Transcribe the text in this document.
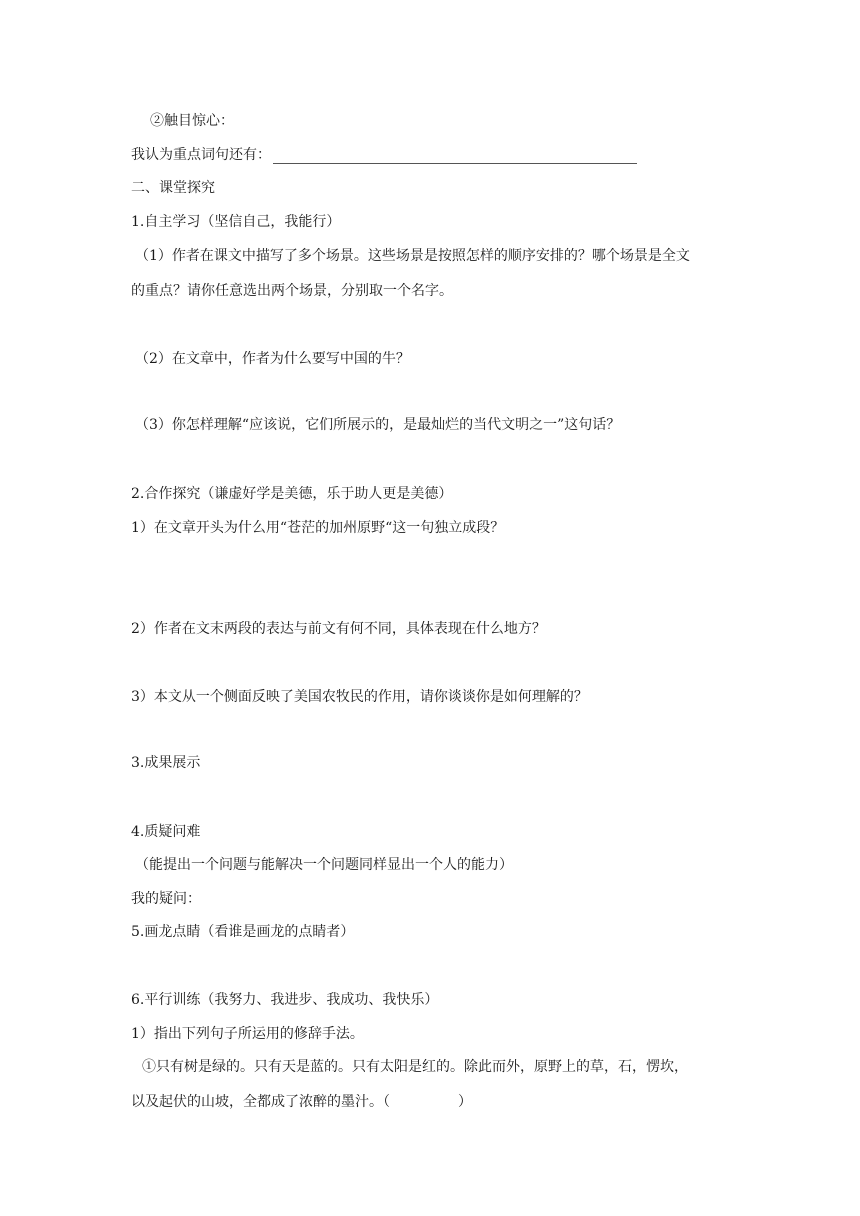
②触目惊心：
我认为重点词句还有：
二、课堂探究
1.自主学习（坚信自己，我能行）
（1）作者在课文中描写了多个场景。这些场景是按照怎样的顺序安排的？哪个场景是全文
的重点？请你任意选出两个场景，分别取一个名字。
（2）在文章中，作者为什么要写中国的牛？
（3）你怎样理解“应该说，它们所展示的，是最灿烂的当代文明之一”这句话？
2.合作探究（谦虚好学是美德，乐于助人更是美德）
1）在文章开头为什么用“苍茫的加州原野“这一句独立成段？
2）作者在文末两段的表达与前文有何不同，具体表现在什么地方？
3）本文从一个侧面反映了美国农牧民的作用，请你谈谈你是如何理解的？
3.成果展示
4.质疑问难
（能提出一个问题与能解决一个问题同样显出一个人的能力）
我的疑问：
5.画龙点睛（看谁是画龙的点睛者）
6.平行训练（我努力、我进步、我成功、我快乐）
1）指出下列句子所运用的修辞手法。
①只有树是绿的。只有天是蓝的。只有太阳是红的。除此而外，原野上的草，石，愣坎，
以及起伏的山坡，全都成了浓醉的墨汁。（	）
